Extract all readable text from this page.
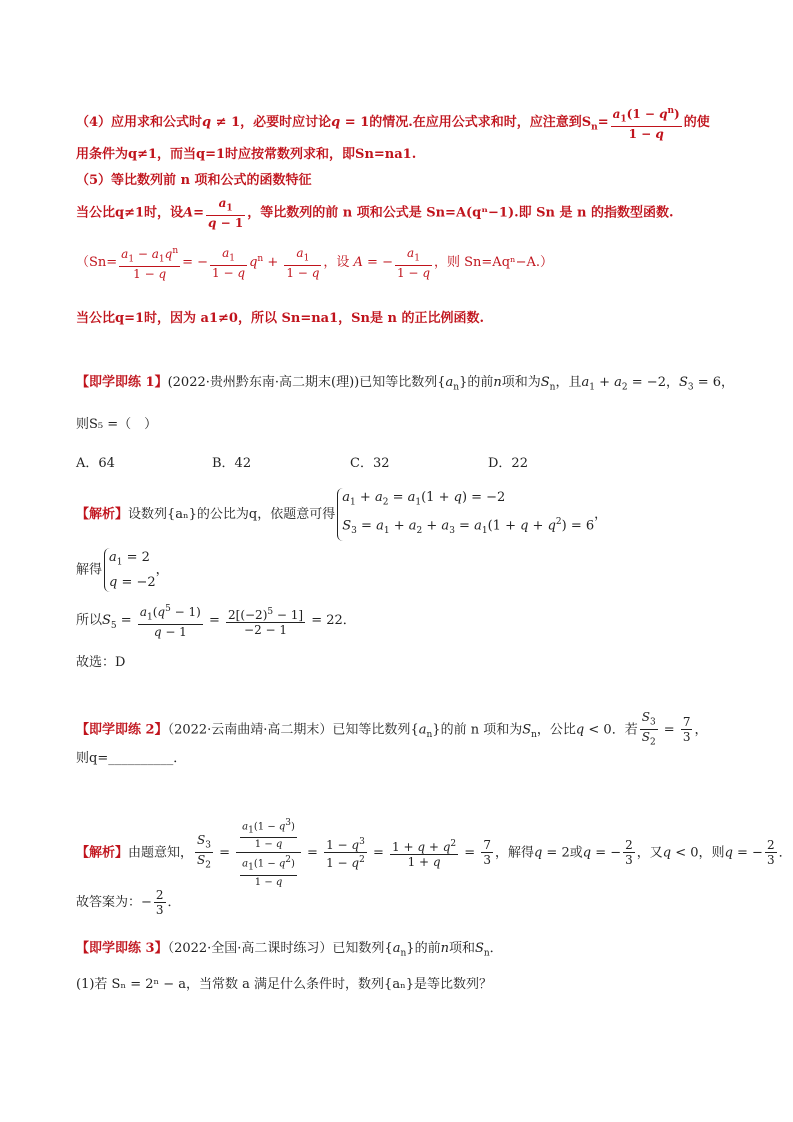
（4）应用求和公式时q ≠ 1，必要时应讨论q = 1的情况.在应用公式求和时，应注意到$S_n= \frac{a_1(1 - q^n)}{1 - q}$ 的使
用条件为q≠1，而当q=1时应按常数列求和，即Sn=na1.
（5）等比数列前 n 项和公式的函数特征
当公比q≠1时，设$A= \frac{a_1}{q - 1}$ ，等比数列的前 n 项和公式是 Sn=A(qⁿ−1).即 Sn 是 n 的指数型函数.
（$Sn= \frac{a_1 - a_1q^n}{1 - q}$ = − $\frac{a_1}{1 - q} q^n + \frac{a_1}{1 - q}$ ，设 A = − $\frac{a_1}{1 - q}$ ，则 Sn=Aqⁿ−A.）
当公比q=1时，因为 a1≠0，所以 Sn=na1，Sn是 n 的正比例函数.
【即学即练 1】(2022·贵州黔东南·高二期末(理))已知等比数列$\{a_n\}$的前n项和为$S_n$，且$a_1 + a_2 = -2$，$S_3 = 6$，
则S₅ =（　）
A．64	B．42	C．32	D．22
【解析】设数列{aₙ}的公比为q，依题意可得$a_1 + a_2 = a_1(1 + q) = -2$
$S_3 = a_1 + a_2 + a_3 = a_1(1 + q + q^2) = 6$，
解得$a_1 = 2$
q = −2，
所以$S_5 = \frac{a_1(q^5 - 1)}{q - 1} = \frac{2[(-2)^5 - 1]}{-2 - 1} = 22$．
故选：D
【即学即练 2】（2022·云南曲靖·高二期末）已知等比数列$\{a_n\}$的前 n 项和为$S_n$，公比q < 0．若 $\frac{S_3}{S_2} = \frac{7}{3}$ ，
则q=__________．
【解析】由题意知， $\frac{S_3}{S_2} = \frac{\frac{a_1(1 - q^3)}{1 - q}}{\frac{a_1(1 - q^2)}{1 - q}} = \frac{1 - q^3}{1 - q^2} = \frac{1 + q + q^2}{1 + q} = \frac{7}{3}$ ，解得q = 2或q = − $\frac{2}{3}$ ，又q < 0，则q = − $\frac{2}{3}$ ．
故答案为：− $\frac{2}{3}$ ．
【即学即练 3】（2022·全国·高二课时练习）已知数列$\{a_n\}$的前n项和$S_n$．
(1)若 Sₙ = 2ⁿ − a，当常数 a 满足什么条件时，数列{aₙ}是等比数列？
